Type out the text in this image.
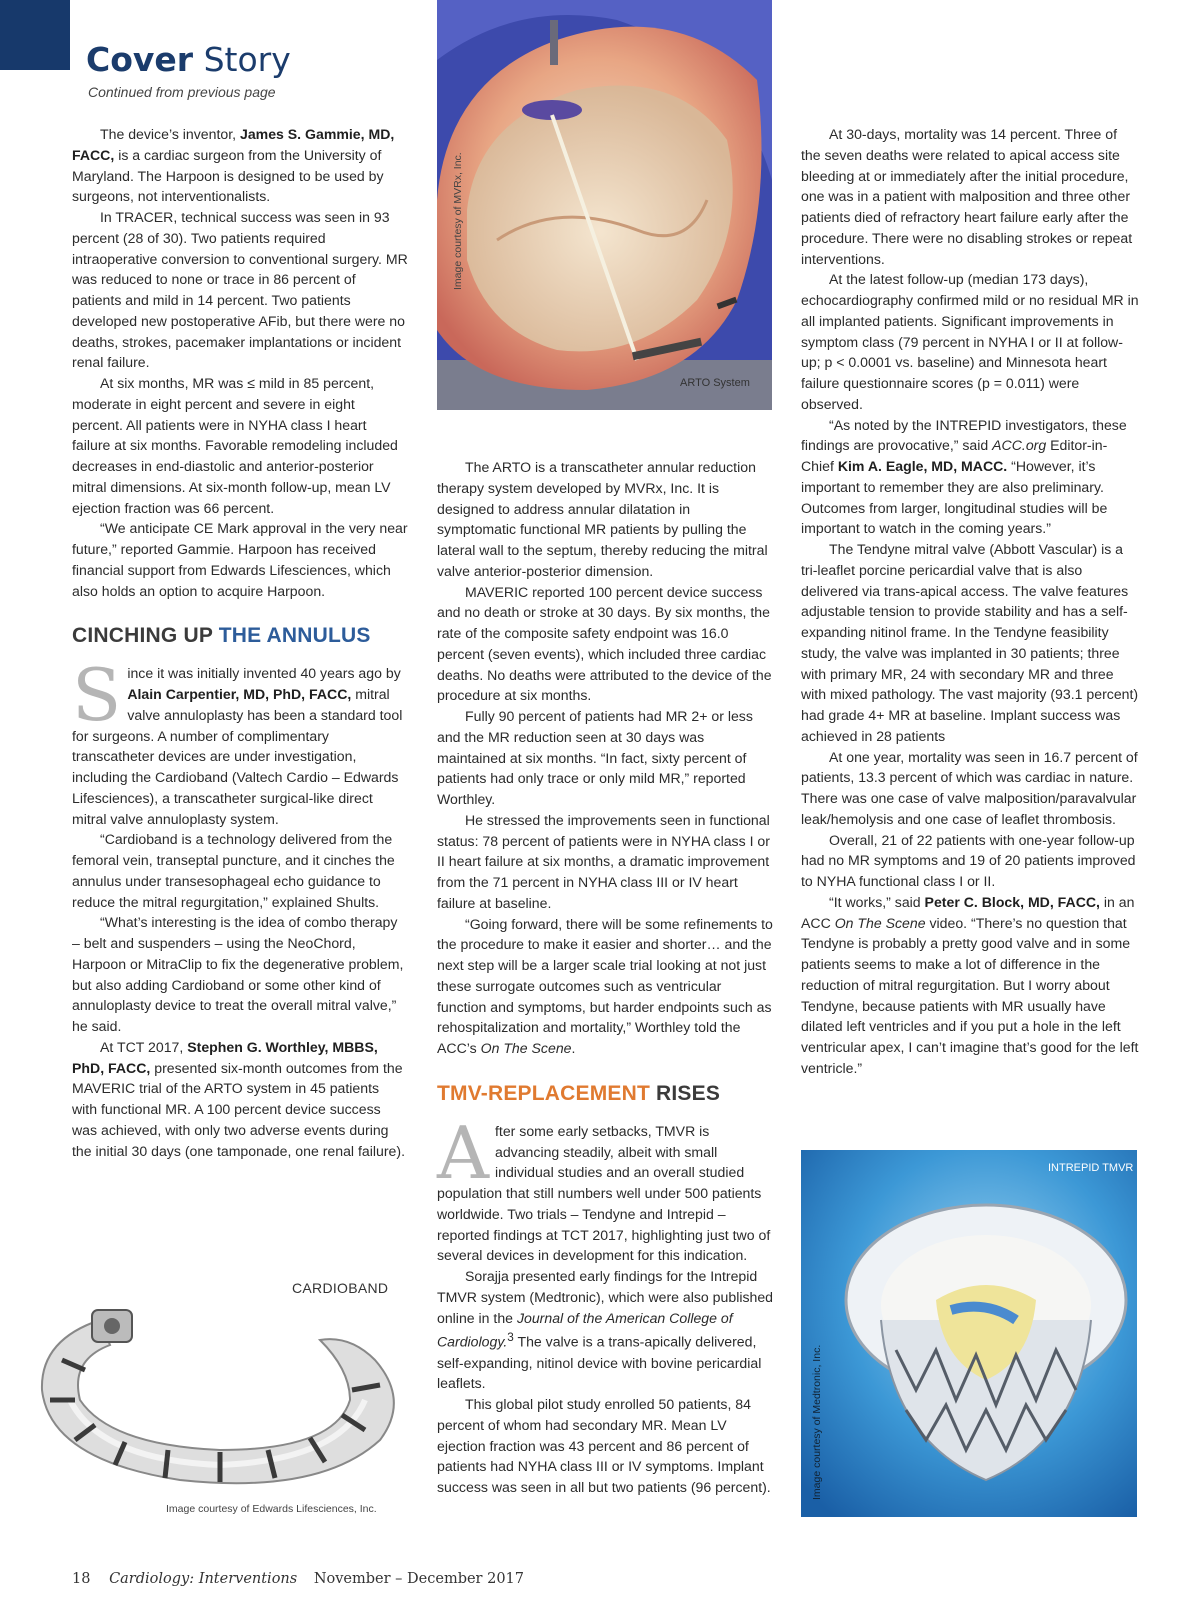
Cover Story
Continued from previous page
Image courtesy of MVRx, Inc.
ARTO System

The device’s inventor, James S. Gammie, MD, FACC, is a cardiac surgeon from the University of Maryland. The Harpoon is designed to be used by surgeons, not interventionalists.

In TRACER, technical success was seen in 93 percent (28 of 30). Two patients required intraoperative conversion to conventional surgery. MR was reduced to none or trace in 86 percent of patients and mild in 14 percent. Two patients developed new postoperative AFib, but there were no deaths, strokes, pacemaker implantations or incident renal failure.

At six months, MR was ≤ mild in 85 percent, moderate in eight percent and severe in eight percent. All patients were in NYHA class I heart failure at six months. Favorable remodeling included decreases in end-diastolic and anterior-posterior mitral dimensions. At six-month follow-up, mean LV ejection fraction was 66 percent.

“We anticipate CE Mark approval in the very near future,” reported Gammie. Harpoon has received financial support from Edwards Lifesciences, which also holds an option to acquire Harpoon.

CINCHING UP THE ANNULUS

Since it was initially invented 40 years ago by Alain Carpentier, MD, PhD, FACC, mitral valve annuloplasty has been a standard tool for surgeons. A number of complimentary transcatheter devices are under investigation, including the Cardioband (Valtech Cardio – Edwards Lifesciences), a transcatheter surgical-like direct mitral valve annuloplasty system.

“Cardioband is a technology delivered from the femoral vein, transeptal puncture, and it cinches the annulus under transesophageal echo guidance to reduce the mitral regurgitation,” explained Shults.

“What’s interesting is the idea of combo therapy – belt and suspenders – using the NeoChord, Harpoon or MitraClip to fix the degenerative problem, but also adding Cardioband or some other kind of annuloplasty device to treat the overall mitral valve,” he said.

At TCT 2017, Stephen G. Worthley, MBBS, PhD, FACC, presented six-month outcomes from the MAVERIC trial of the ARTO system in 45 patients with functional MR. A 100 percent device success was achieved, with only two adverse events during the initial 30 days (one tamponade, one renal failure).

CARDIOBAND
Image courtesy of Edwards Lifesciences, Inc.

The ARTO is a transcatheter annular reduction therapy system developed by MVRx, Inc. It is designed to address annular dilatation in symptomatic functional MR patients by pulling the lateral wall to the septum, thereby reducing the mitral valve anterior-posterior dimension.

MAVERIC reported 100 percent device success and no death or stroke at 30 days. By six months, the rate of the composite safety endpoint was 16.0 percent (seven events), which included three cardiac deaths. No deaths were attributed to the device of the procedure at six months.

Fully 90 percent of patients had MR 2+ or less and the MR reduction seen at 30 days was maintained at six months. “In fact, sixty percent of patients had only trace or only mild MR,” reported Worthley.

He stressed the improvements seen in functional status: 78 percent of patients were in NYHA class I or II heart failure at six months, a dramatic improvement from the 71 percent in NYHA class III or IV heart failure at baseline.

“Going forward, there will be some refinements to the procedure to make it easier and shorter… and the next step will be a larger scale trial looking at not just these surrogate outcomes such as ventricular function and symptoms, but harder endpoints such as rehospitalization and mortality,” Worthley told the ACC’s On The Scene.

TMV-REPLACEMENT RISES

After some early setbacks, TMVR is advancing steadily, albeit with small individual studies and an overall studied population that still numbers well under 500 patients worldwide. Two trials – Tendyne and Intrepid – reported findings at TCT 2017, highlighting just two of several devices in development for this indication.

Sorajja presented early findings for the Intrepid TMVR system (Medtronic), which were also published online in the Journal of the American College of Cardiology.$^3$ The valve is a trans-apically delivered, self-expanding, nitinol device with bovine pericardial leaflets.

This global pilot study enrolled 50 patients, 84 percent of whom had secondary MR. Mean LV ejection fraction was 43 percent and 86 percent of patients had NYHA class III or IV symptoms. Implant success was seen in all but two patients (96 percent).

At 30-days, mortality was 14 percent. Three of the seven deaths were related to apical access site bleeding at or immediately after the initial procedure, one was in a patient with malposition and three other patients died of refractory heart failure early after the procedure. There were no disabling strokes or repeat interventions.

At the latest follow-up (median 173 days), echocardiography confirmed mild or no residual MR in all implanted patients. Significant improvements in symptom class (79 percent in NYHA I or II at follow-up; p < 0.0001 vs. baseline) and Minnesota heart failure questionnaire scores (p = 0.011) were observed.

“As noted by the INTREPID investigators, these findings are provocative,” said ACC.org Editor-in-Chief Kim A. Eagle, MD, MACC. “However, it’s important to remember they are also preliminary. Outcomes from larger, longitudinal studies will be important to watch in the coming years.”

The Tendyne mitral valve (Abbott Vascular) is a tri-leaflet porcine pericardial valve that is also delivered via trans-apical access. The valve features adjustable tension to provide stability and has a self-expanding nitinol frame. In the Tendyne feasibility study, the valve was implanted in 30 patients; three with primary MR, 24 with secondary MR and three with mixed pathology. The vast majority (93.1 percent) had grade 4+ MR at baseline. Implant success was achieved in 28 patients

At one year, mortality was seen in 16.7 percent of patients, 13.3 percent of which was cardiac in nature. There was one case of valve malposition/paravalvular leak/hemolysis and one case of leaflet thrombosis.

Overall, 21 of 22 patients with one-year follow-up had no MR symptoms and 19 of 20 patients improved to NYHA functional class I or II.

“It works,” said Peter C. Block, MD, FACC, in an ACC On The Scene video. “There’s no question that Tendyne is probably a pretty good valve and in some patients seems to make a lot of difference in the reduction of mitral regurgitation. But I worry about Tendyne, because patients with MR usually have dilated left ventricles and if you put a hole in the left ventricular apex, I can’t imagine that’s good for the left ventricle.”

INTREPID TMVR
Image courtesy of Medtronic, Inc.
18 Cardiology: Interventions November – December 2017
